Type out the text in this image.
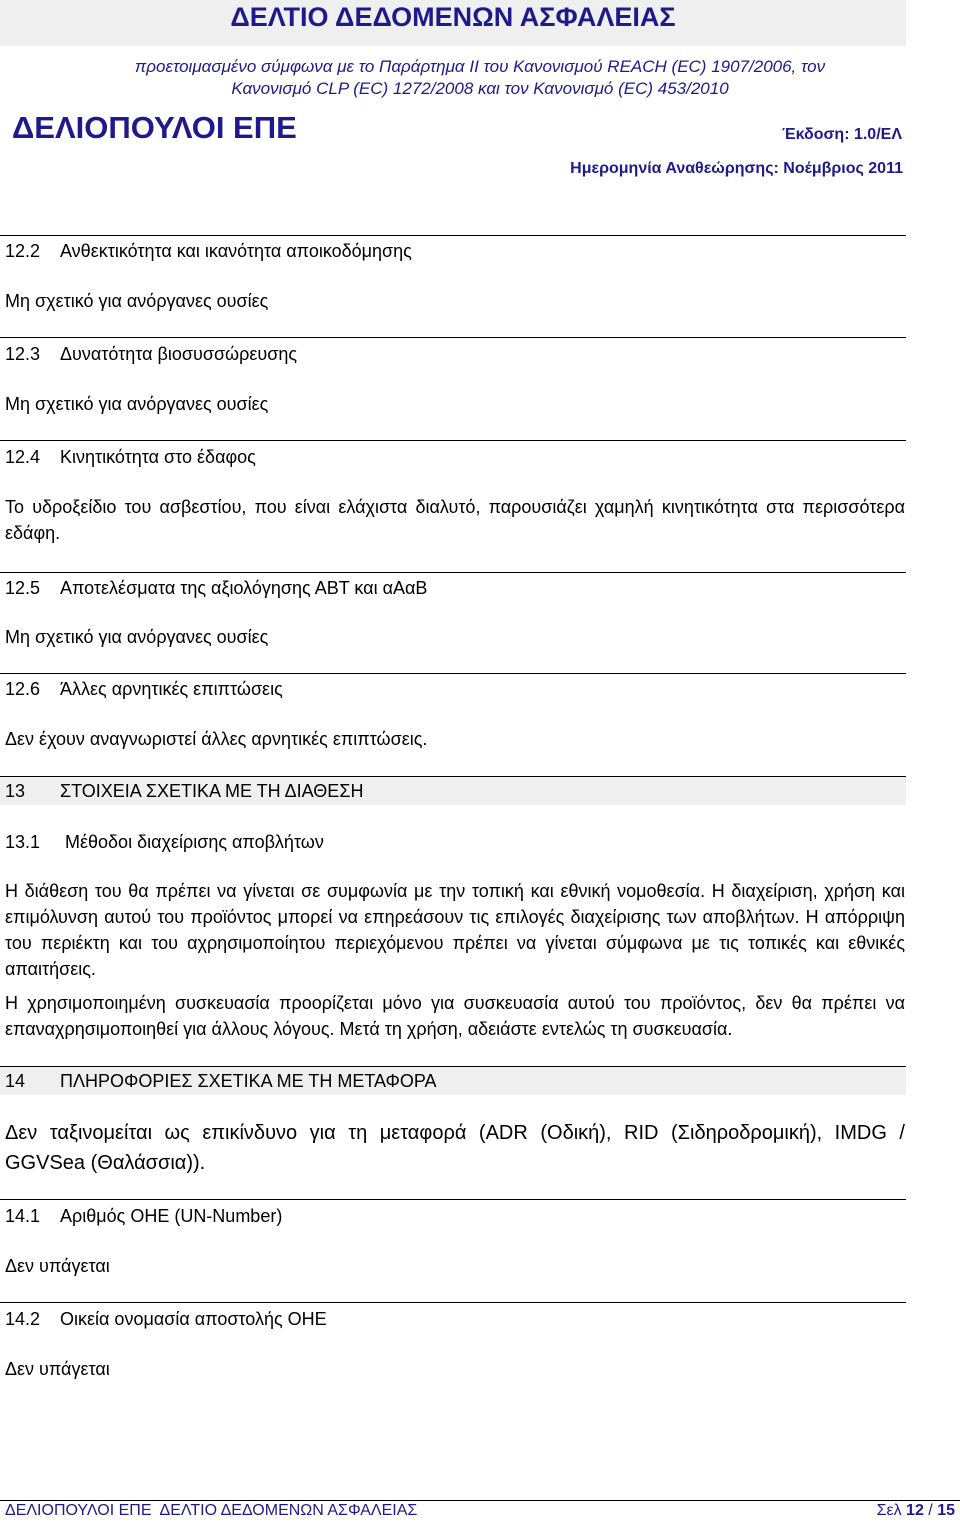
ΔΕΛΤΙΟ ΔΕΔΟΜΕΝΩΝ ΑΣΦΑΛΕΙΑΣ
προετοιμασμένο σύμφωνα με το Παράρτημα ΙΙ του Κανονισμού REACH (EC) 1907/2006, τον
Κανονισμό CLP (EC) 1272/2008 και τον Κανονισμό (EC) 453/2010
ΔΕΛΙΟΠΟΥΛΟΙ ΕΠΕ	Έκδοση: 1.0/ΕΛ
Ημερομηνία Αναθεώρησης: Νοέμβριος 2011
12.2 Ανθεκτικότητα και ικανότητα αποικοδόμησης
Μη σχετικό για ανόργανες ουσίες
12.3 Δυνατότητα βιοσυσσώρευσης
Μη σχετικό για ανόργανες ουσίες
12.4 Κινητικότητα στο έδαφος
Το υδροξείδιο του ασβεστίου, που είναι ελάχιστα διαλυτό, παρουσιάζει χαμηλή κινητικότητα στα περισσότερα εδάφη.
12.5 Αποτελέσματα της αξιολόγησης ΑΒΤ και αΑαΒ
Μη σχετικό για ανόργανες ουσίες
12.6 Άλλες αρνητικές επιπτώσεις
Δεν έχουν αναγνωριστεί άλλες αρνητικές επιπτώσεις.
13 ΣΤΟΙΧΕΙΑ ΣΧΕΤΙΚΑ ΜΕ ΤΗ ΔΙΑΘΕΣΗ
13.1 Μέθοδοι διαχείρισης αποβλήτων
Η διάθεση του θα πρέπει να γίνεται σε συμφωνία με την τοπική και εθνική νομοθεσία. Η διαχείριση, χρήση και επιμόλυνση αυτού του προϊόντος μπορεί να επηρεάσουν τις επιλογές διαχείρισης των αποβλήτων. Η απόρριψη του περιέκτη και του αχρησιμοποίητου περιεχόμενου πρέπει να γίνεται σύμφωνα με τις τοπικές και εθνικές απαιτήσεις.
Η χρησιμοποιημένη συσκευασία προορίζεται μόνο για συσκευασία αυτού του προϊόντος, δεν θα πρέπει να επαναχρησιμοποιηθεί για άλλους λόγους. Μετά τη χρήση, αδειάστε εντελώς τη συσκευασία.
14 ΠΛΗΡΟΦΟΡΙΕΣ ΣΧΕΤΙΚΑ ΜΕ ΤΗ ΜΕΤΑΦΟΡΑ
Δεν ταξινομείται ως επικίνδυνο για τη μεταφορά (ADR (Οδική), RID (Σιδηροδρομική), IMDG / GGVSea (Θαλάσσια)).
14.1 Αριθμός ΟΗΕ (UN-Number)
Δεν υπάγεται
14.2 Οικεία ονομασία αποστολής ΟΗΕ
Δεν υπάγεται
ΔΕΛΙΟΠΟΥΛΟΙ ΕΠΕ  ΔΕΛΤΙΟ ΔΕΔΟΜΕΝΩΝ ΑΣΦΑΛΕΙΑΣ	Σελ 12 / 15
